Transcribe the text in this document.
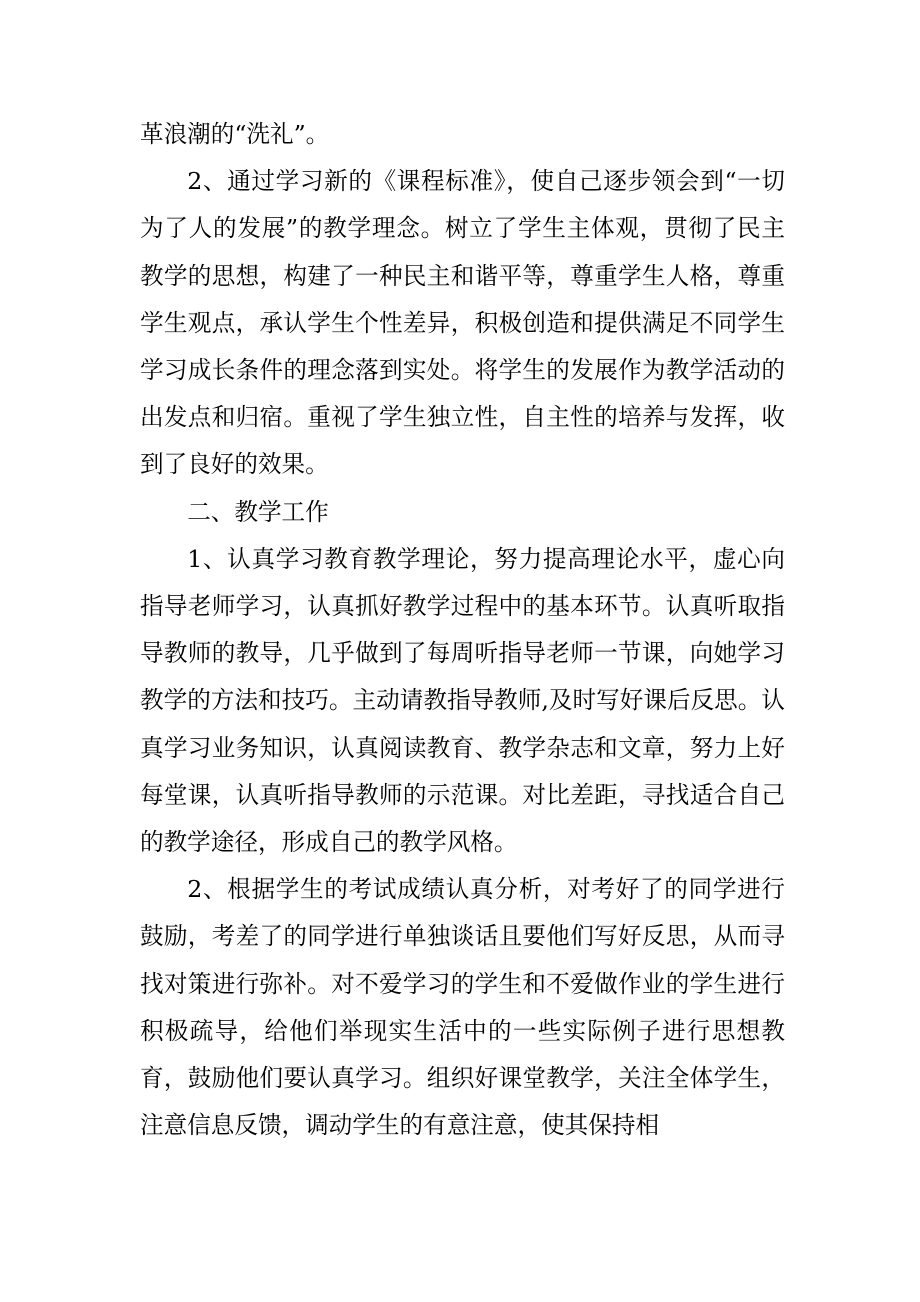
革浪潮的“洗礼”。

2、通过学习新的《课程标准》，使自己逐步领会到“一切为了人的发展”的教学理念。树立了学生主体观，贯彻了民主教学的思想，构建了一种民主和谐平等，尊重学生人格，尊重学生观点，承认学生个性差异，积极创造和提供满足不同学生学习成长条件的理念落到实处。将学生的发展作为教学活动的出发点和归宿。重视了学生独立性，自主性的培养与发挥，收到了良好的效果。

二、教学工作

1、认真学习教育教学理论，努力提高理论水平，虚心向指导老师学习，认真抓好教学过程中的基本环节。认真听取指导教师的教导，几乎做到了每周听指导老师一节课，向她学习教学的方法和技巧。主动请教指导教师,及时写好课后反思。认真学习业务知识，认真阅读教育、教学杂志和文章，努力上好每堂课，认真听指导教师的示范课。对比差距，寻找适合自己的教学途径，形成自己的教学风格。

2、根据学生的考试成绩认真分析，对考好了的同学进行鼓励，考差了的同学进行单独谈话且要他们写好反思，从而寻找对策进行弥补。对不爱学习的学生和不爱做作业的学生进行积极疏导，给他们举现实生活中的一些实际例子进行思想教育，鼓励他们要认真学习。组织好课堂教学，关注全体学生，注意信息反馈，调动学生的有意注意，使其保持相
